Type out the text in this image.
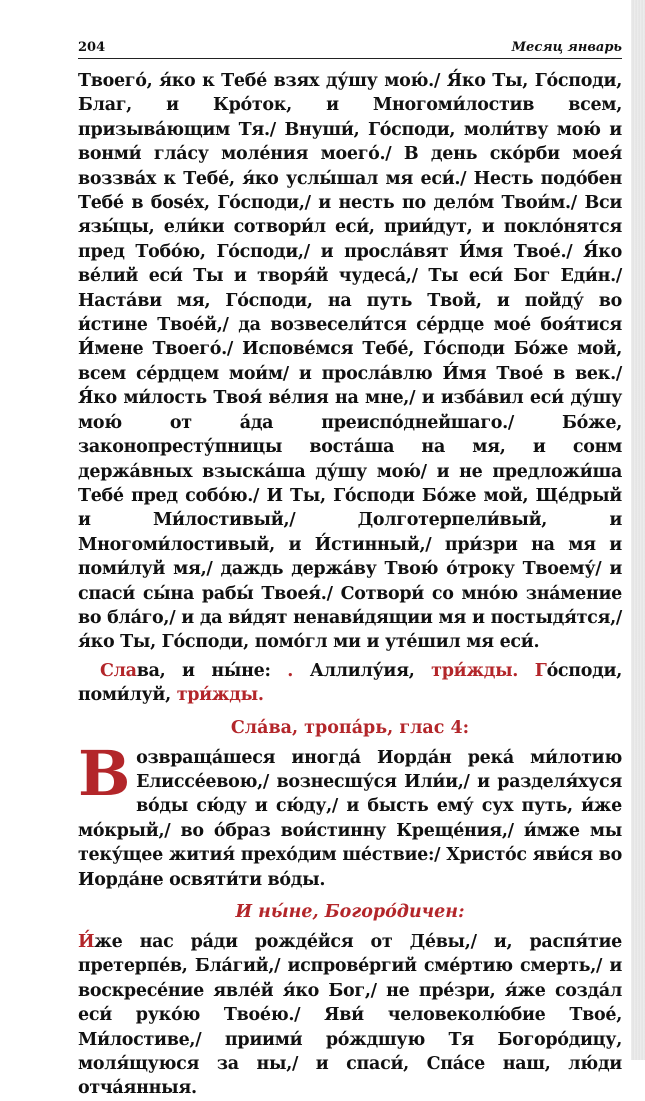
204	Месяц январь

Твоего́, я́ко к Тебе́ взях ду́шу мою́./ Я́ко Ты, Го́споди, Благ, и Кро́ток, и Многоми́лостив всем, призыва́ющим Тя./ Внуши́, Го́споди, моли́тву мою́ и вонми́ гла́су моле́ния моего́./ В день ско́рби моея́ воззва́х к Тебе́, я́ко услы́шал мя еси́./ Несть подо́бен Тебе́ в боѕе́х, Го́споди,/ и несть по дело́м Твои́м./ Вси язы́цы, ели́ки сотвори́л еси́, прии́дут, и покло́нятся пред Тобо́ю, Го́споди,/ и просла́вят И́мя Твое́./ Я́ко ве́лий еси́ Ты и творя́й чудеса́,/ Ты еси́ Бог Еди́н./ Наста́ви мя, Го́споди, на путь Твой, и пойду́ во и́стине Твое́й,/ да возвесели́тся се́рдце мое́ боя́тися И́мене Твоего́./ Испове́мся Тебе́, Го́споди Бо́же мой, всем се́рдцем мои́м/ и просла́влю И́мя Твое́ в век./ Я́ко ми́лость Твоя́ ве́лия на мне,/ и изба́вил еси́ ду́шу мою́ от а́да преиспо́днейшаго./ Бо́же, законопресту́пницы воста́ша на мя, и сонм держа́вных взыска́ша ду́шу мою́/ и не предложи́ша Тебе́ пред собо́ю./ И Ты, Го́споди Бо́же мой, Ще́дрый и Ми́лостивый,/ Долготерпели́вый, и Многоми́лостивый, и И́стинный,/ при́зри на мя и поми́луй мя,/ даждь держа́ву Твою́ о́троку Твоему́/ и спаси́ сы́на рабы́ Твоея́./ Сотвори́ со мно́ю зна́мение во бла́го,/ и да ви́дят ненави́дящии мя и постыдя́тся,/ я́ко Ты, Го́споди, помо́гл ми и уте́шил мя еси́.

Слава, и ны́не: . Аллилу́ия, три́жды. Го́споди, поми́луй, три́жды.
Сла́ва, тропа́рь, глас 4:
Возвраща́шеся иногда́ Иорда́н река́ ми́лотию Елиссе́евою,/ вознесшу́ся Или́и,/ и разделя́хуся во́ды сю́ду и сю́ду,/ и бысть ему́ сух путь, и́же мо́крый,/ во о́браз вои́стинну Креще́ния,/ и́мже мы теку́щее жития́ прехо́дим ше́ствие:/ Христо́с яви́ся во Иорда́не освяти́ти во́ды.
И ны́не, Богоро́дичен:
И́же нас ра́ди рожде́йся от Де́вы,/ и, распя́тие претерпе́в, Бла́гий,/ испрове́ргий сме́ртию смерть,/ и воскресе́ние явле́й я́ко Бог,/ не пре́зри, я́же созда́л еси́ руко́ю Твое́ю./ Яви́ человеколю́бие Твое́, Ми́лостиве,/ приими́ ро́ждшую Тя Богоро́дицу, моля́щуюся за ны,/ и спаси́, Спа́се наш, лю́ди отча́янныя.
